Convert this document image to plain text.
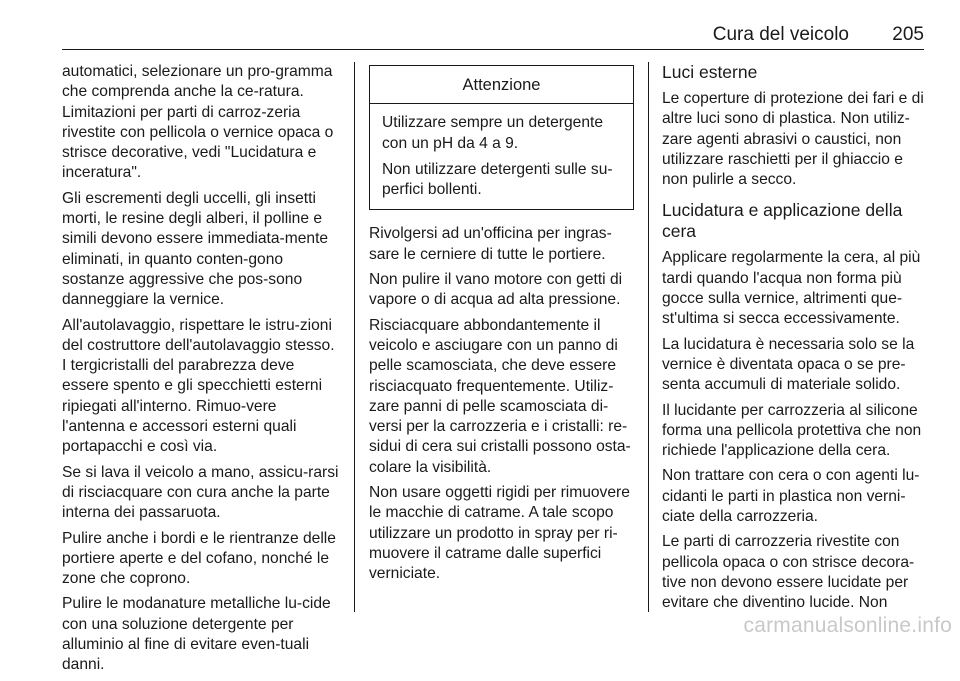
Cura del veicolo 205

automatici, selezionare un pro-gramma che comprenda anche la ce-ratura. Limitazioni per parti di carroz-zeria rivestite con pellicola o vernice opaca o strisce decorative, vedi "Lucidatura e inceratura".

Gli escrementi degli uccelli, gli insetti morti, le resine degli alberi, il polline e simili devono essere immediata-mente eliminati, in quanto conten-gono sostanze aggressive che pos-sono danneggiare la vernice.

All'autolavaggio, rispettare le istru-zioni del costruttore dell'autolavaggio stesso. I tergicristalli del parabrezza deve essere spento e gli specchietti esterni ripiegati all'interno. Rimuo-vere l'antenna e accessori esterni quali portapacchi e così via.

Se si lava il veicolo a mano, assicu-rarsi di risciacquare con cura anche la parte interna dei passaruota.

Pulire anche i bordi e le rientranze delle portiere aperte e del cofano, nonché le zone che coprono.

Pulire le modanature metalliche lu-cide con una soluzione detergente per alluminio al fine di evitare even-tuali danni.

Attenzione

Utilizzare sempre un detergente con un pH da 4 a 9.

Non utilizzare detergenti sulle su-perfici bollenti.

Rivolgersi ad un'officina per ingras-sare le cerniere di tutte le portiere.

Non pulire il vano motore con getti di vapore o di acqua ad alta pressione.

Risciacquare abbondantemente il veicolo e asciugare con un panno di pelle scamosciata, che deve essere risciacquato frequentemente. Utiliz-zare panni di pelle scamosciata di-versi per la carrozzeria e i cristalli: re-sidui di cera sui cristalli possono osta-colare la visibilità.

Non usare oggetti rigidi per rimuovere le macchie di catrame. A tale scopo utilizzare un prodotto in spray per ri-muovere il catrame dalle superfici verniciate.

Luci esterne

Le coperture di protezione dei fari e di altre luci sono di plastica. Non utiliz-zare agenti abrasivi o caustici, non utilizzare raschietti per il ghiaccio e non pulirle a secco.

Lucidatura e applicazione della cera

Applicare regolarmente la cera, al più tardi quando l'acqua non forma più gocce sulla vernice, altrimenti que-st'ultima si secca eccessivamente.

La lucidatura è necessaria solo se la vernice è diventata opaca o se pre-senta accumuli di materiale solido.

Il lucidante per carrozzeria al silicone forma una pellicola protettiva che non richiede l'applicazione della cera.

Non trattare con cera o con agenti lu-cidanti le parti in plastica non verni-ciate della carrozzeria.

Le parti di carrozzeria rivestite con pellicola opaca o con strisce decora-tive non devono essere lucidate per evitare che diventino lucide. Non

carmanualsonline.info
